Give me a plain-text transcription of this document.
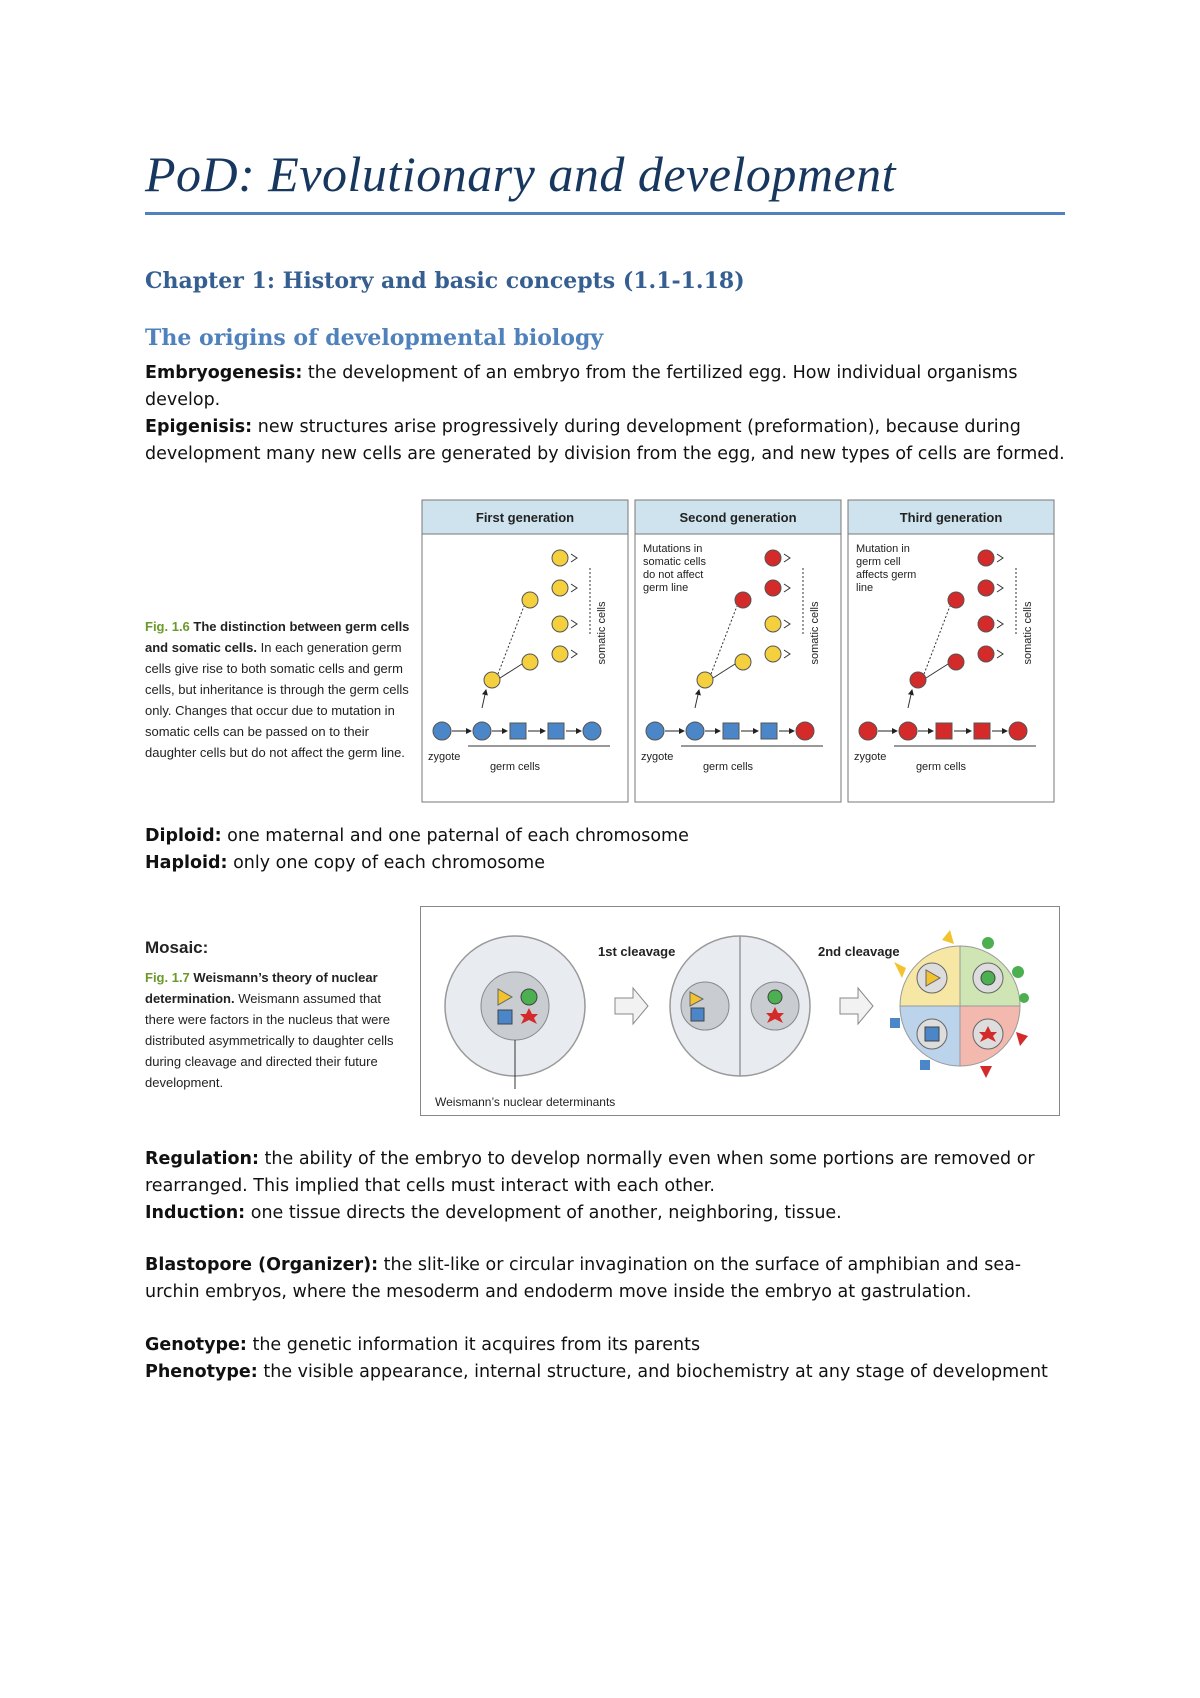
PoD: Evolutionary and development
Chapter 1: History and basic concepts (1.1-1.18)
The origins of developmental biology
Embryogenesis: the development of an embryo from the fertilized egg. How individual organisms develop.
Epigenisis: new structures arise progressively during development (preformation), because during development many new cells are generated by division from the egg, and new types of cells are formed.
Fig. 1.6 The distinction between germ cells and somatic cells. In each generation germ cells give rise to both somatic cells and germ cells, but inheritance is through the germ cells only. Changes that occur due to mutation in somatic cells can be passed on to their daughter cells but do not affect the germ line.
First generation
somatic cells
zygote
germ cells
Second generation
Mutations in
somatic cells
do not affect
germ line
somatic cells
zygote
germ cells
Third generation
Mutation in
germ cell
affects germ
line
somatic cells
zygote
germ cells
Diploid: one maternal and one paternal of each chromosome
Haploid: only one copy of each chromosome
Mosaic:
Fig. 1.7 Weismann’s theory of nuclear determination. Weismann assumed that there were factors in the nucleus that were distributed asymmetrically to daughter cells during cleavage and directed their future development.
Weismann’s nuclear determinants
1st cleavage	2nd cleavage
Regulation: the ability of the embryo to develop normally even when some portions are removed or rearranged. This implied that cells must interact with each other.
Induction: one tissue directs the development of another, neighboring, tissue.
Blastopore (Organizer): the slit-like or circular invagination on the surface of amphibian and sea-urchin embryos, where the mesoderm and endoderm move inside the embryo at gastrulation.
Genotype: the genetic information it acquires from its parents
Phenotype: the visible appearance, internal structure, and biochemistry at any stage of development
